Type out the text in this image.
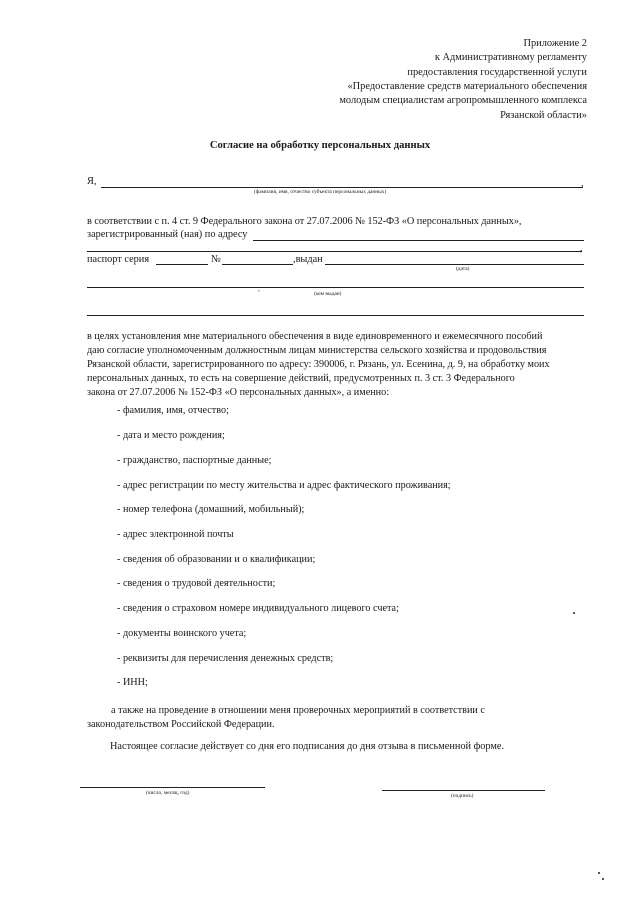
Приложение 2
к Административному регламенту
предоставления государственной услуги
«Предоставление средств материального обеспечения
молодым специалистам агропромышленного комплекса
Рязанской области»
Согласие на обработку персональных данных
Я,	,
(фамилия, имя, отчество субъекта персональных данных)
в соответствии с п. 4 ст. 9 Федерального закона от 27.07.2006 № 152-ФЗ «О персональных данных»,
зарегистрированный (ная) по адресу
,
паспорт серия	№	,выдан
(дата)
(кем выдан)
,
в целях установления мне материального обеспечения в виде единовременного и ежемесячного пособий
даю согласие уполномоченным должностным лицам министерства сельского хозяйства и продовольствия
Рязанской области, зарегистрированного по адресу: 390006, г. Рязань, ул. Есенина, д. 9, на обработку моих
персональных данных, то есть на совершение действий, предусмотренных п. 3 ст. 3 Федерального
закона от 27.07.2006 № 152-ФЗ «О персональных данных», а именно:
- фамилия, имя, отчество;
- дата и место рождения;
- гражданство, паспортные данные;
- адрес регистрации по месту жительства и адрес фактического проживания;
- номер телефона (домашний, мобильный);
- адрес электронной почты
- сведения об образовании и о квалификации;
- сведения о трудовой деятельности;
- сведения о страховом номере индивидуального лицевого счета;
- документы воинского учета;
- реквизиты для перечисления денежных средств;
- ИНН;
а также на проведение в отношении меня проверочных мероприятий в соответствии с
законодательством Российской Федерации.
Настоящее согласие действует со дня его подписания до дня отзыва в письменной форме.
(число, месяц, год)	(подпись)
